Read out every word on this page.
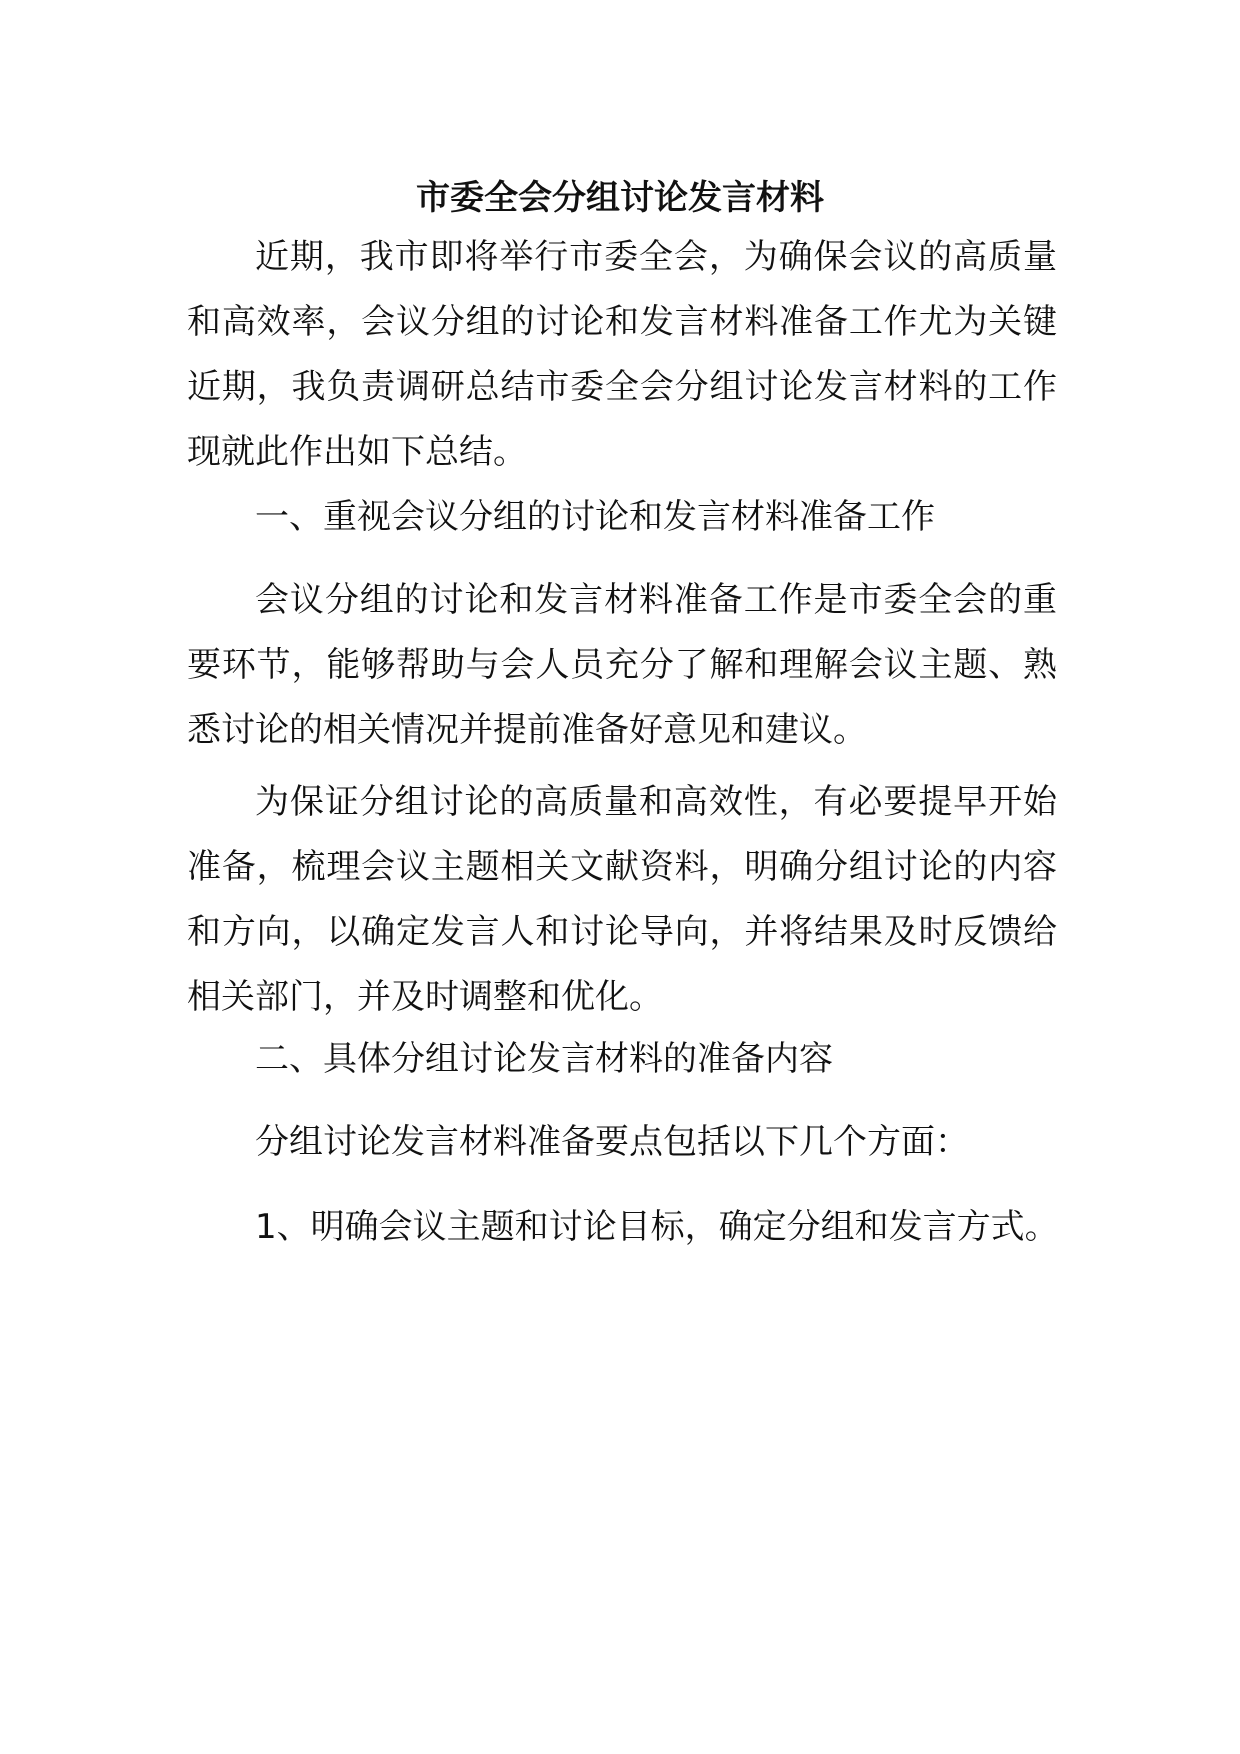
市委全会分组讨论发言材料

近期，我市即将举行市委全会，为确保会议的高质量和高效率，会议分组的讨论和发言材料准备工作尤为关键近期，我负责调研总结市委全会分组讨论发言材料的工作现就此作出如下总结。

一、重视会议分组的讨论和发言材料准备工作

会议分组的讨论和发言材料准备工作是市委全会的重要环节，能够帮助与会人员充分了解和理解会议主题、熟悉讨论的相关情况并提前准备好意见和建议。

为保证分组讨论的高质量和高效性，有必要提早开始准备，梳理会议主题相关文献资料，明确分组讨论的内容和方向，以确定发言人和讨论导向，并将结果及时反馈给相关部门，并及时调整和优化。

二、具体分组讨论发言材料的准备内容

分组讨论发言材料准备要点包括以下几个方面：

1、明确会议主题和讨论目标，确定分组和发言方式。
